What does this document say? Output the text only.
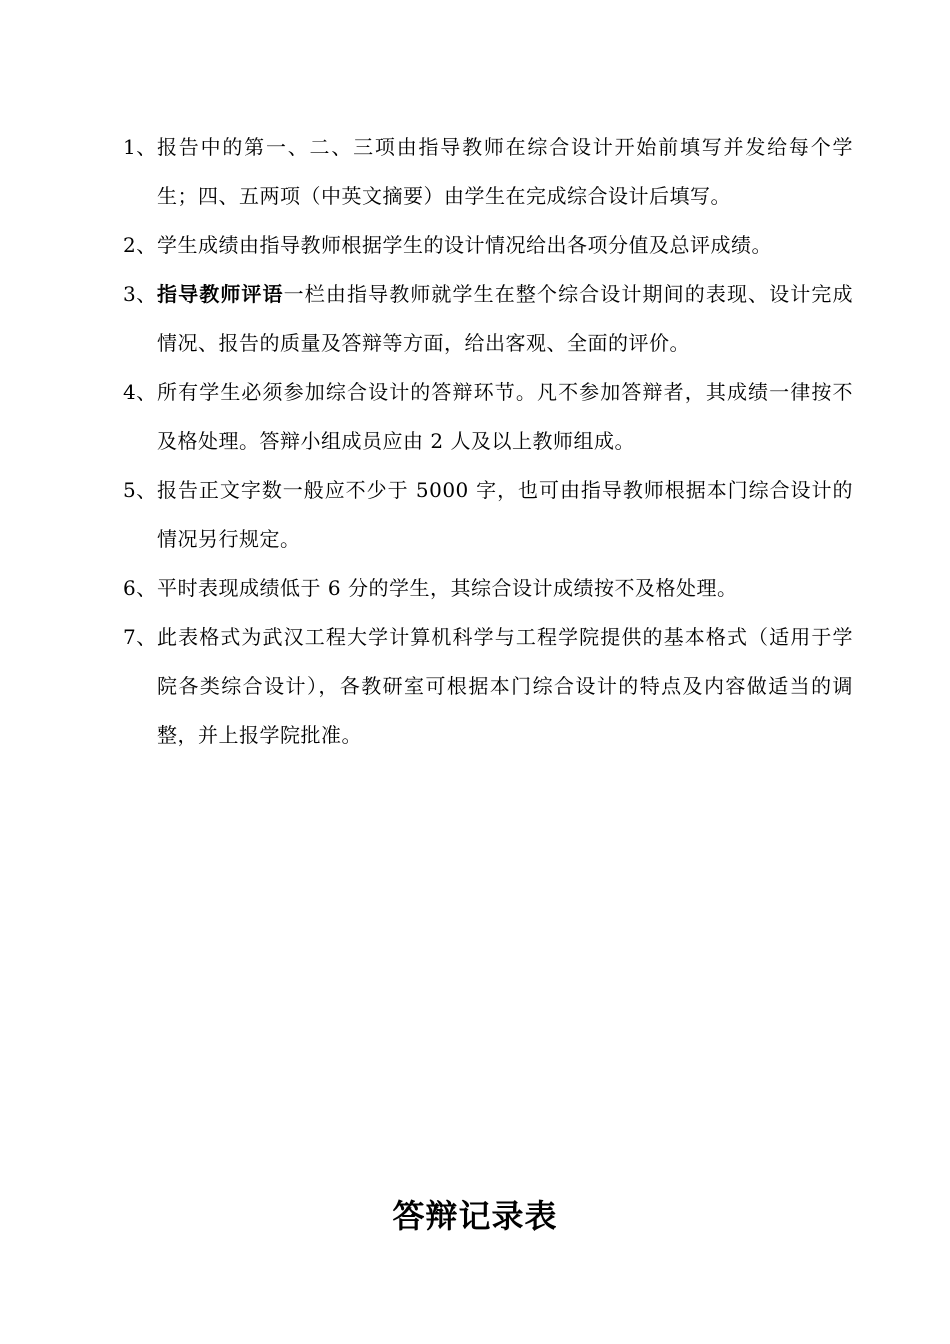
1、 报告中的第一、二、三项由指导教师在综合设计开始前填写并发给每个学生；四、五两项（中英文摘要）由学生在完成综合设计后填写。
2、 学生成绩由指导教师根据学生的设计情况给出各项分值及总评成绩。
3、 指导教师评语一栏由指导教师就学生在整个综合设计期间的表现、设计完成情况、报告的质量及答辩等方面，给出客观、全面的评价。
4、 所有学生必须参加综合设计的答辩环节。凡不参加答辩者，其成绩一律按不及格处理。答辩小组成员应由 2 人及以上教师组成。
5、 报告正文字数一般应不少于 5000 字，也可由指导教师根据本门综合设计的情况另行规定。
6、 平时表现成绩低于 6 分的学生，其综合设计成绩按不及格处理。
7、 此表格式为武汉工程大学计算机科学与工程学院提供的基本格式（适用于学院各类综合设计），各教研室可根据本门综合设计的特点及内容做适当的调整，并上报学院批准。
答辩记录表
